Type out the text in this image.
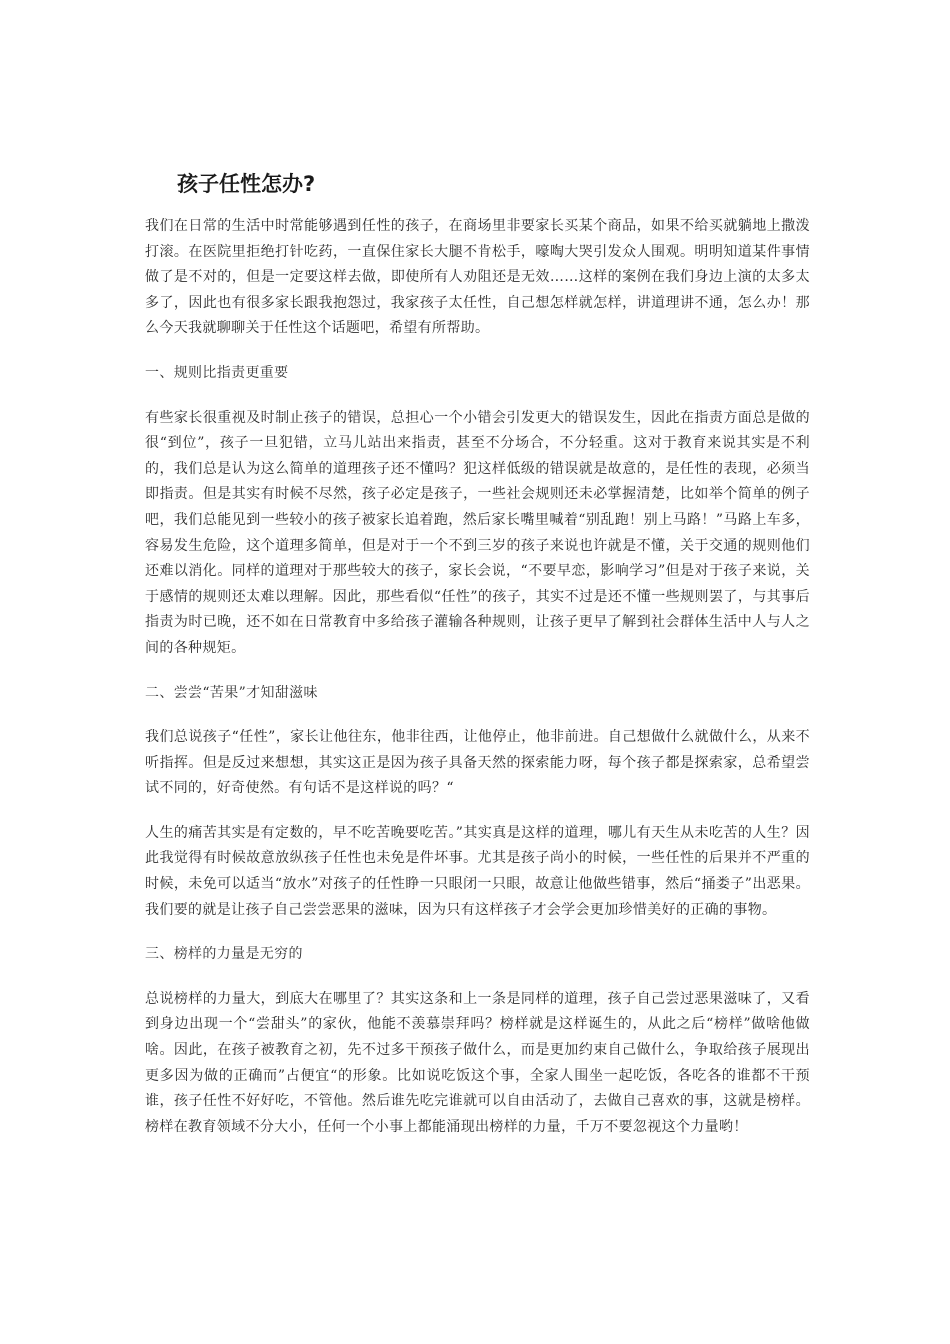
孩子任性怎办?

我们在日常的生活中时常能够遇到任性的孩子，在商场里非要家长买某个商品，如果不给买就躺地上撒泼打滚。在医院里拒绝打针吃药，一直保住家长大腿不肯松手，嚎啕大哭引发众人围观。明明知道某件事情做了是不对的，但是一定要这样去做，即使所有人劝阻还是无效……这样的案例在我们身边上演的太多太多了，因此也有很多家长跟我抱怨过，我家孩子太任性，自己想怎样就怎样，讲道理讲不通，怎么办！那么今天我就聊聊关于任性这个话题吧，希望有所帮助。

一、规则比指责更重要

有些家长很重视及时制止孩子的错误，总担心一个小错会引发更大的错误发生，因此在指责方面总是做的很“到位”，孩子一旦犯错，立马儿站出来指责，甚至不分场合，不分轻重。这对于教育来说其实是不利的，我们总是认为这么简单的道理孩子还不懂吗？犯这样低级的错误就是故意的，是任性的表现，必须当即指责。但是其实有时候不尽然，孩子必定是孩子，一些社会规则还未必掌握清楚，比如举个简单的例子吧，我们总能见到一些较小的孩子被家长追着跑，然后家长嘴里喊着“别乱跑！别上马路！”马路上车多，容易发生危险，这个道理多简单，但是对于一个不到三岁的孩子来说也许就是不懂，关于交通的规则他们还难以消化。同样的道理对于那些较大的孩子，家长会说，“不要早恋，影响学习”但是对于孩子来说，关于感情的规则还太难以理解。因此，那些看似“任性”的孩子，其实不过是还不懂一些规则罢了，与其事后指责为时已晚，还不如在日常教育中多给孩子灌输各种规则，让孩子更早了解到社会群体生活中人与人之间的各种规矩。

二、尝尝“苦果”才知甜滋味

我们总说孩子“任性”，家长让他往东，他非往西，让他停止，他非前进。自己想做什么就做什么，从来不听指挥。但是反过来想想，其实这正是因为孩子具备天然的探索能力呀，每个孩子都是探索家，总希望尝试不同的，好奇使然。有句话不是这样说的吗？“

人生的痛苦其实是有定数的，早不吃苦晚要吃苦。”其实真是这样的道理，哪儿有天生从未吃苦的人生？因此我觉得有时候故意放纵孩子任性也未免是件坏事。尤其是孩子尚小的时候，一些任性的后果并不严重的时候，未免可以适当“放水”对孩子的任性睁一只眼闭一只眼，故意让他做些错事，然后“捅娄子”出恶果。我们要的就是让孩子自己尝尝恶果的滋味，因为只有这样孩子才会学会更加珍惜美好的正确的事物。

三、榜样的力量是无穷的

总说榜样的力量大，到底大在哪里了？其实这条和上一条是同样的道理，孩子自己尝过恶果滋味了，又看到身边出现一个“尝甜头”的家伙，他能不羡慕崇拜吗？榜样就是这样诞生的，从此之后“榜样”做啥他做啥。因此，在孩子被教育之初，先不过多干预孩子做什么，而是更加约束自己做什么，争取给孩子展现出更多因为做的正确而”占便宜“的形象。比如说吃饭这个事，全家人围坐一起吃饭，各吃各的谁都不干预谁，孩子任性不好好吃，不管他。然后谁先吃完谁就可以自由活动了，去做自己喜欢的事，这就是榜样。榜样在教育领域不分大小，任何一个小事上都能涌现出榜样的力量，千万不要忽视这个力量哟！
